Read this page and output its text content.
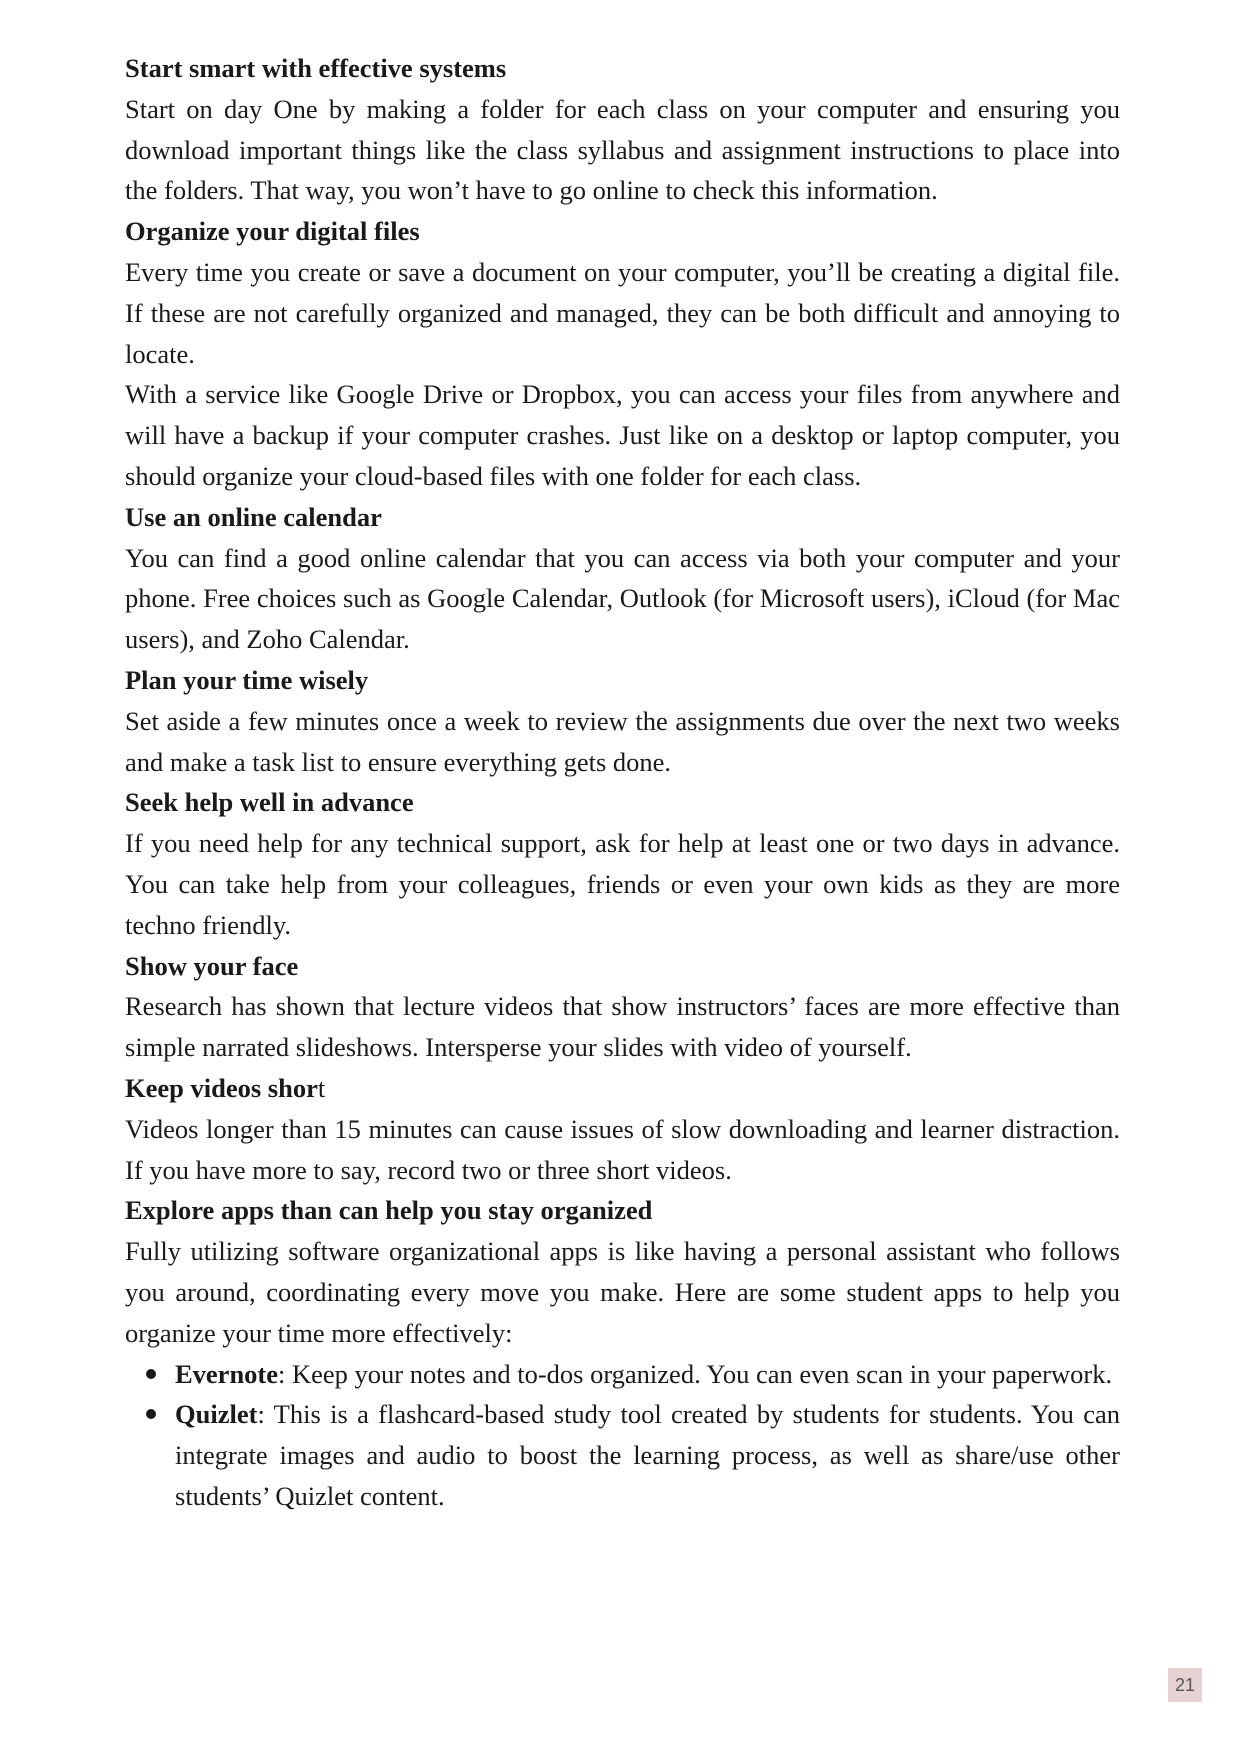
Start smart with effective systems

Start on day One by making a folder for each class on your computer and ensuring you download important things like the class syllabus and assignment instructions to place into the folders. That way, you won’t have to go online to check this information.

Organize your digital files

Every time you create or save a document on your computer, you’ll be creating a digital file. If these are not carefully organized and managed, they can be both difficult and annoying to locate.

With a service like Google Drive or Dropbox, you can access your files from anywhere and will have a backup if your computer crashes. Just like on a desktop or laptop computer, you should organize your cloud-based files with one folder for each class.

Use an online calendar

You can find a good online calendar that you can access via both your computer and your phone. Free choices such as Google Calendar, Outlook (for Microsoft users), iCloud (for Mac users), and Zoho Calendar.

Plan your time wisely

Set aside a few minutes once a week to review the assignments due over the next two weeks and make a task list to ensure everything gets done.

Seek help well in advance

If you need help for any technical support, ask for help at least one or two days in advance. You can take help from your colleagues, friends or even your own kids as they are more techno friendly.

Show your face

Research has shown that lecture videos that show instructors’ faces are more effective than simple narrated slideshows. Intersperse your slides with video of yourself.

Keep videos short

Videos longer than 15 minutes can cause issues of slow downloading and learner distraction. If you have more to say, record two or three short videos.

Explore apps than can help you stay organized

Fully utilizing software organizational apps is like having a personal assistant who follows you around, coordinating every move you make. Here are some student apps to help you organize your time more effectively:

Evernote: Keep your notes and to-dos organized. You can even scan in your paperwork.
Quizlet: This is a flashcard-based study tool created by students for students. You can integrate images and audio to boost the learning process, as well as share/use other students’ Quizlet content.
21
